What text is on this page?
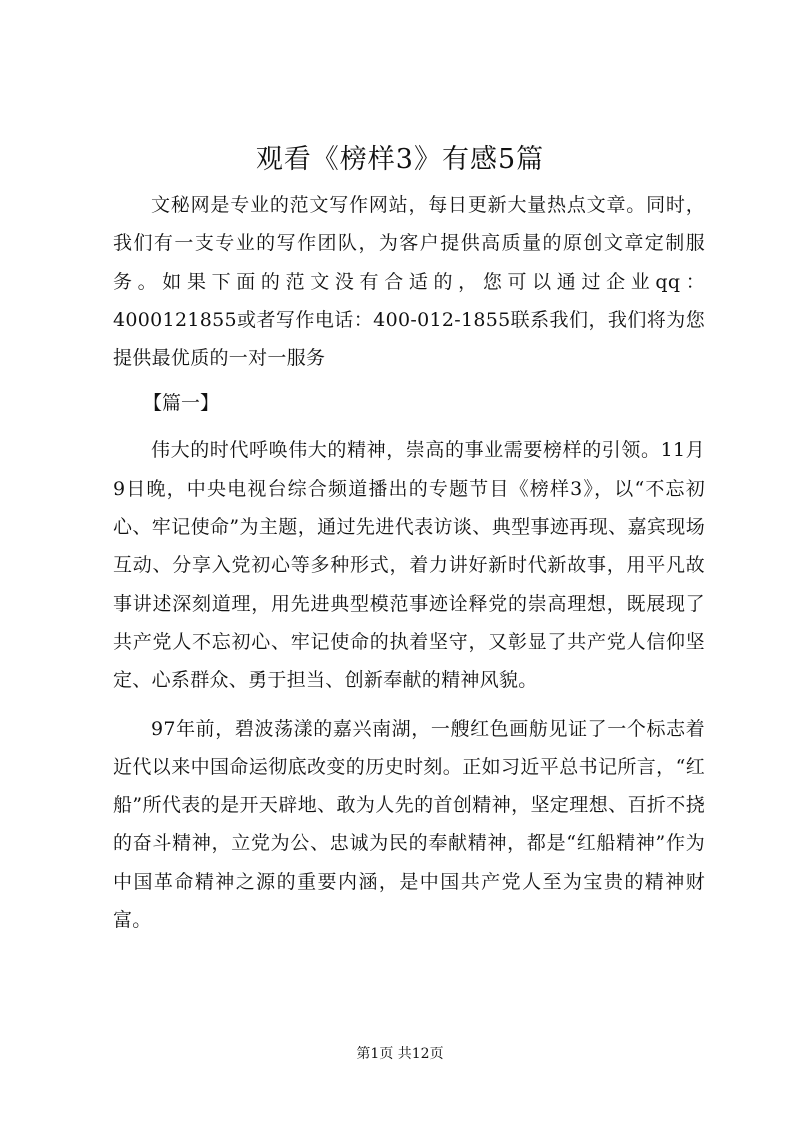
观看《榜样3》有感5篇

文秘网是专业的范文写作网站，每日更新大量热点文章。同时，我们有一支专业的写作团队，为客户提供高质量的原创文章定制服务。如果下面的范文没有合适的，您可以通过企业qq：4000121855或者写作电话：400-012-1855联系我们，我们将为您提供最优质的一对一服务

【篇一】

伟大的时代呼唤伟大的精神，崇高的事业需要榜样的引领。11月9日晚，中央电视台综合频道播出的专题节目《榜样3》，以“不忘初心、牢记使命”为主题，通过先进代表访谈、典型事迹再现、嘉宾现场互动、分享入党初心等多种形式，着力讲好新时代新故事，用平凡故事讲述深刻道理，用先进典型模范事迹诠释党的崇高理想，既展现了共产党人不忘初心、牢记使命的执着坚守，又彰显了共产党人信仰坚定、心系群众、勇于担当、创新奉献的精神风貌。

97年前，碧波荡漾的嘉兴南湖，一艘红色画舫见证了一个标志着近代以来中国命运彻底改变的历史时刻。正如习近平总书记所言，“红船”所代表的是开天辟地、敢为人先的首创精神，坚定理想、百折不挠的奋斗精神，立党为公、忠诚为民的奉献精神，都是“红船精神”作为中国革命精神之源的重要内涵，是中国共产党人至为宝贵的精神财富。

第1页 共12页
